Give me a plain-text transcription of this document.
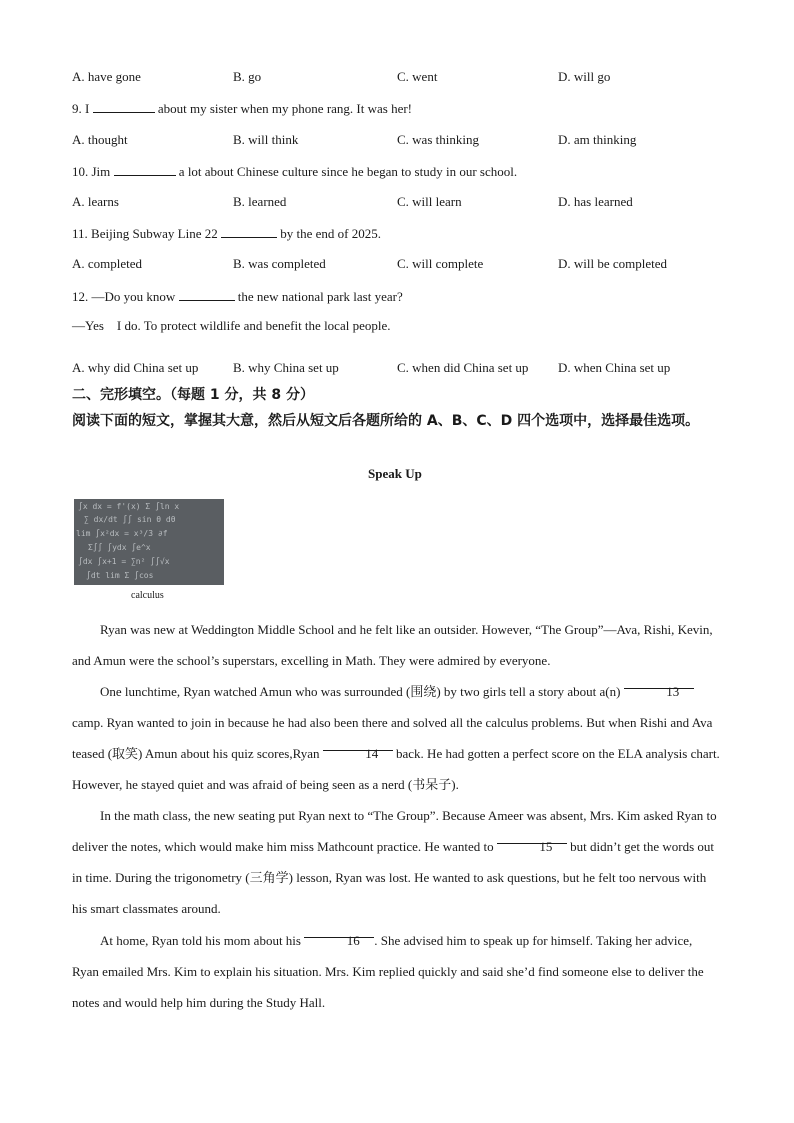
A. have gone	B. go	C. went	D. will go
9. I	about my sister when my phone rang. It was her!
A. thought	B. will think	C. was thinking	D. am thinking
10. Jim	a lot about Chinese culture since he began to study in our school.
A. learns	B. learned	C. will learn	D. has learned
11. Beijing Subway Line 22	by the end of 2025.
A. completed	B. was completed	C. will complete	D. will be completed
12. —Do you know	the new national park last year?
—Yes　I do. To protect wildlife and benefit the local people.
A. why did China set up	B. why China set up	C. when did China set up D. when China set up
二、完形填空。（每题 1 分，共 8 分）
阅读下面的短文，掌握其大意，然后从短文后各题所给的 A、B、C、D 四个选项中，选择最佳选项。
Speak Up
∫x dx = f'(x) Σ ∫ln x
∑ dx/dt ∫∫ sin θ dθ
lim ∫x²dx = x³/3 ∂f
Σ∫∫ ∫ydx ∫e^x
∫dx ∫x+1 = ∑n² ∫∫√x
∫dt lim Σ ∫cos
calculus
Ryan was new at Weddington Middle School and he felt like an outsider. However, “The Group”—Ava, Rishi, Kevin, and Amun were the school’s superstars, excelling in Math. They were admired by everyone.
One lunchtime, Ryan watched Amun who was surrounded (围绕) by two girls tell a story about a(n)	13 camp. Ryan wanted to join in because he had also been there and solved all the calculus problems. But when Rishi and Ava teased (取笑) Amun about his quiz scores,Ryan	14 back. He had gotten a perfect score on the ELA analysis chart. However, he stayed quiet and was afraid of being seen as a nerd (书呆子).
In the math class, the new seating put Ryan next to “The Group”. Because Ameer was absent, Mrs. Kim asked Ryan to deliver the notes, which would make him miss Mathcount practice. He wanted to	15 but didn’t get the words out in time. During the trigonometry (三角学) lesson, Ryan was lost. He wanted to ask questions, but he felt too nervous with his smart classmates around.
At home, Ryan told his mom about his	16 . She advised him to speak up for himself. Taking her advice, Ryan emailed Mrs. Kim to explain his situation. Mrs. Kim replied quickly and said she’d find someone else to deliver the notes and would help him during the Study Hall.
